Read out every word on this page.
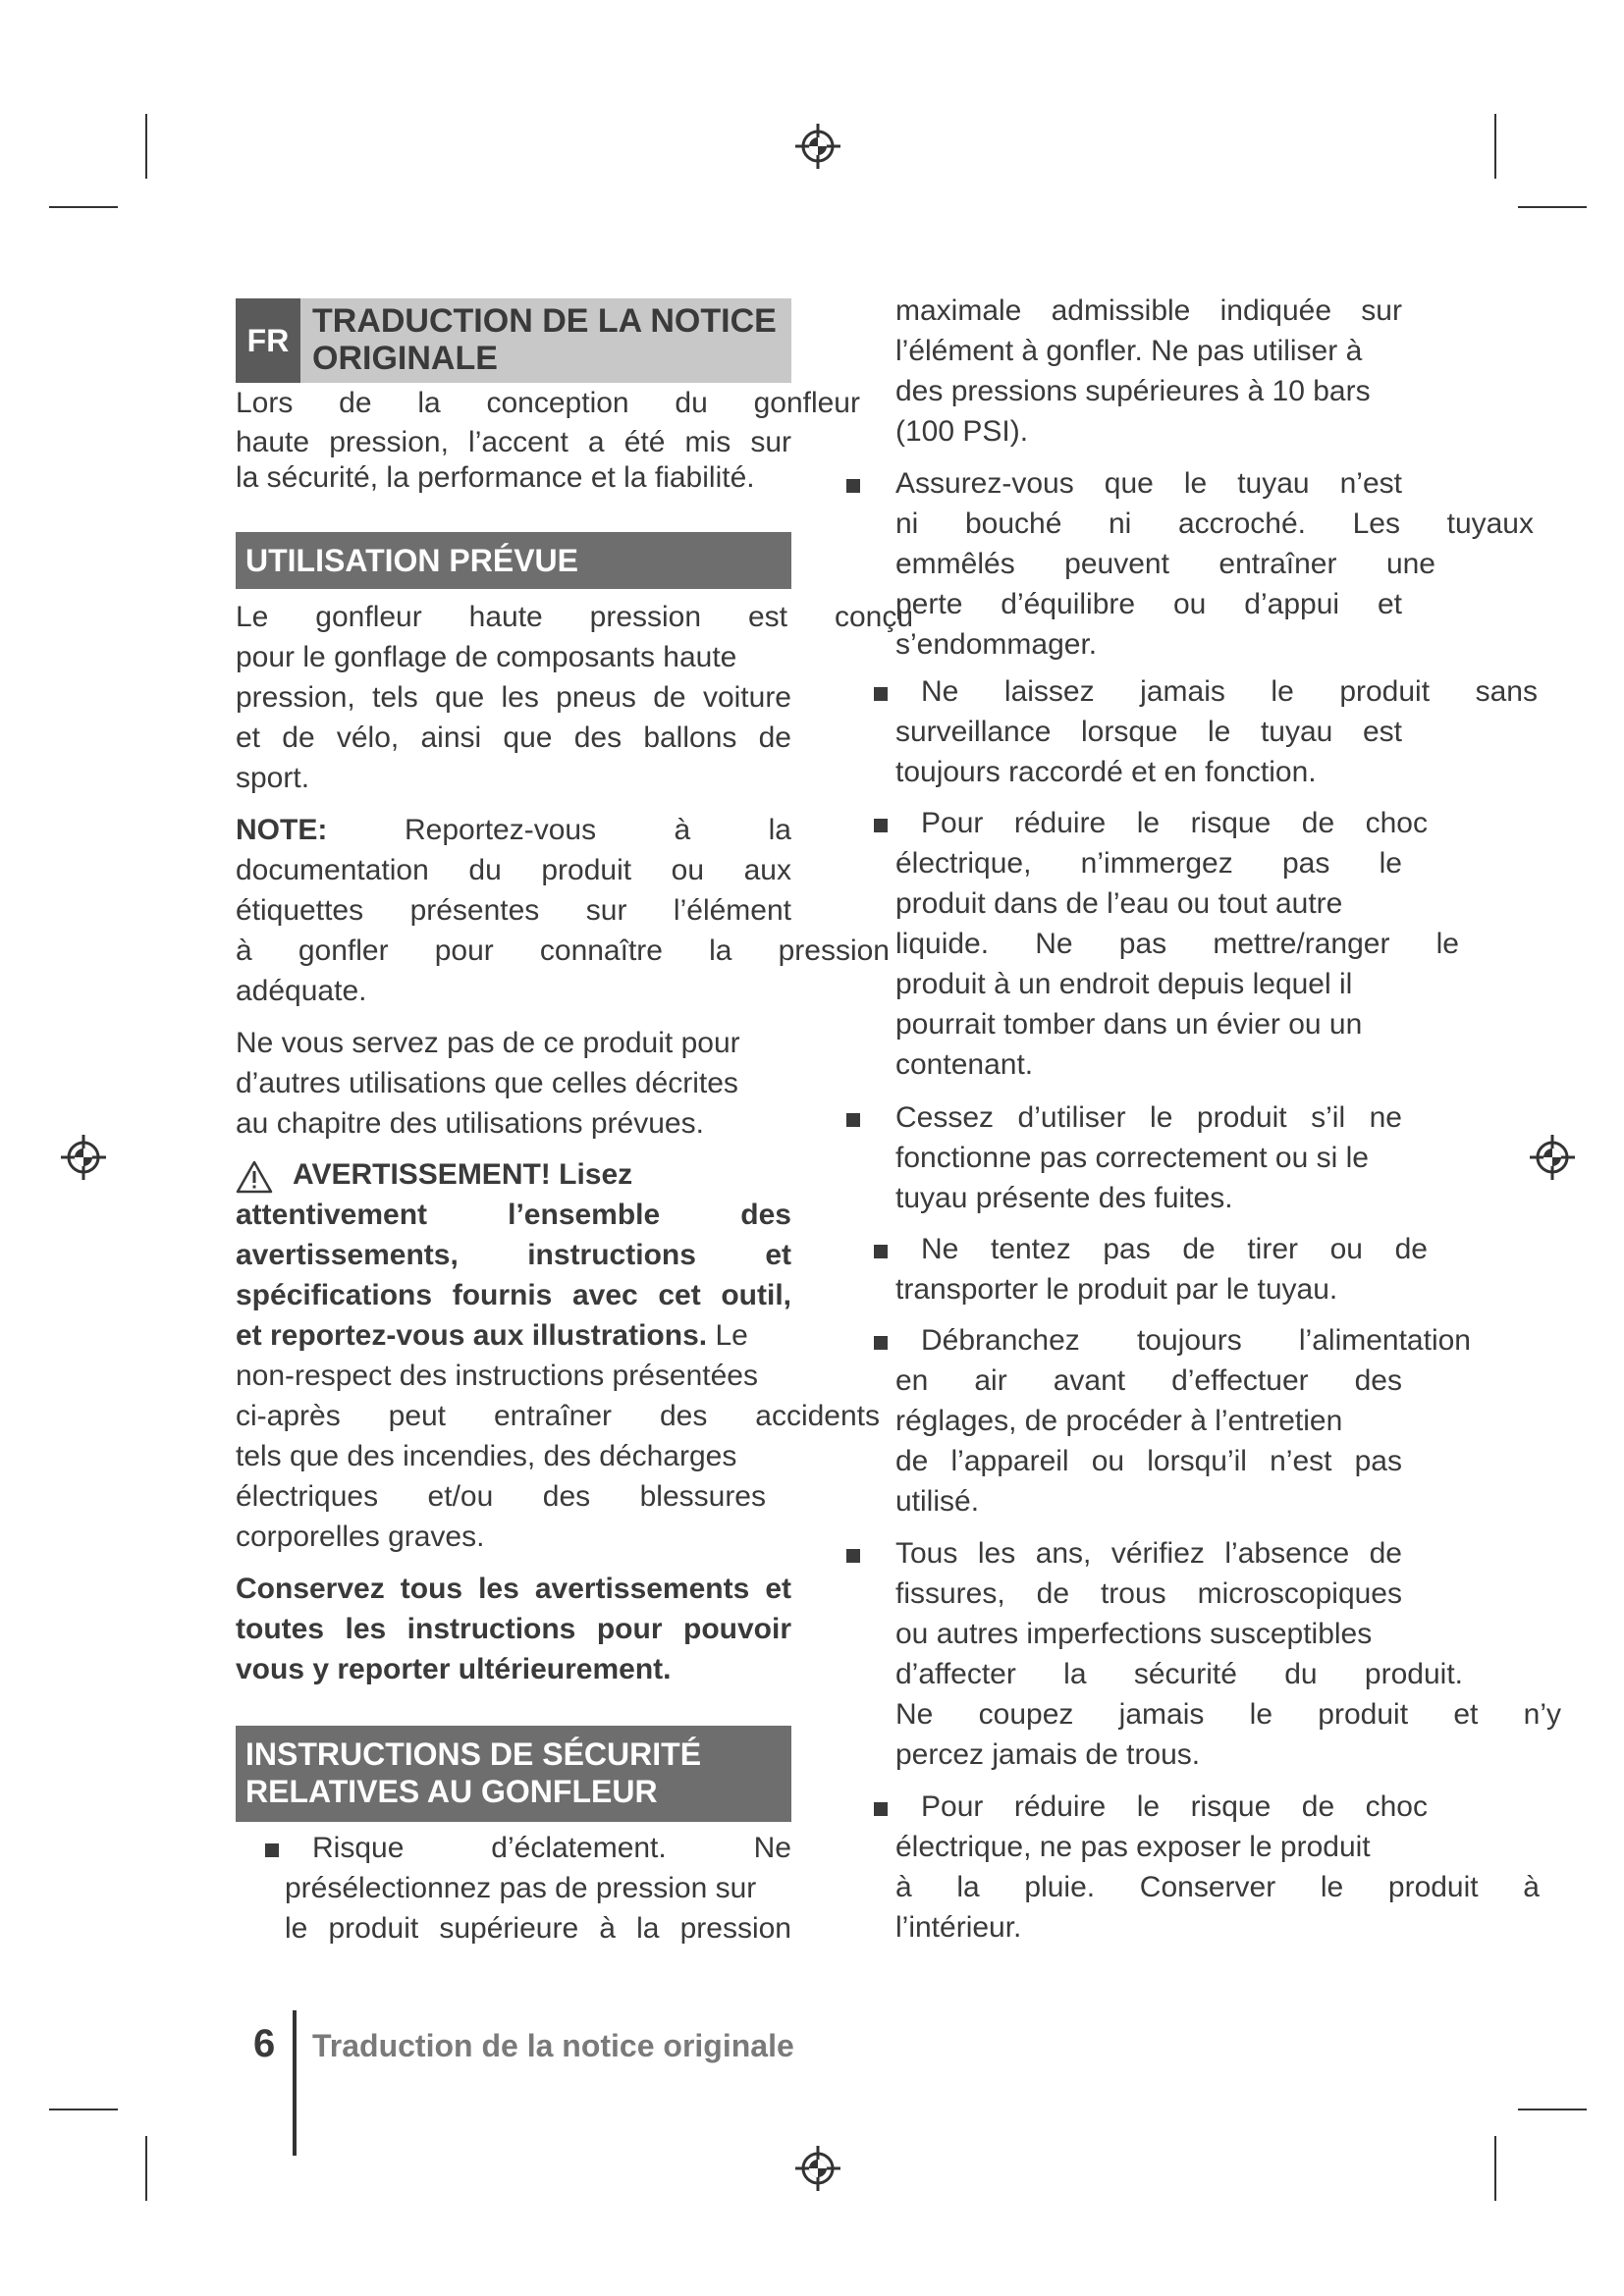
FR
TRADUCTION DE LA NOTICE
ORIGINALE
Lors de la conception du gonfleur
haute pression, l’accent a été mis sur
la sécurité, la performance et la fiabilité.
UTILISATION PRÉVUE
Le gonfleur haute pression est conçu
pour le gonflage de composants haute
pression, tels que les pneus de voiture
et de vélo, ainsi que des ballons de
sport.
NOTE:	Reportez-vous à la
documentation du produit ou aux
étiquettes présentes sur l’élément
à gonfler pour connaître la pression
adéquate.
Ne vous servez pas de ce produit pour
d’autres utilisations que celles décrites
au chapitre des utilisations prévues.
AVERTISSEMENT! Lisez
attentivement l’ensemble des
avertissements, instructions et
spécifications fournis avec cet outil,
et reportez-vous aux illustrations. Le
non-respect des instructions présentées
ci-après peut entraîner des accidents
tels que des incendies, des décharges
électriques et/ou des blessures
corporelles graves.
Conservez tous les avertissements et
toutes les instructions pour pouvoir
vous y reporter ultérieurement.
INSTRUCTIONS DE SÉCURITÉ
RELATIVES AU GONFLEUR
Risque d’éclatement. Ne
présélectionnez pas de pression sur
le produit supérieure à la pression
maximale admissible indiquée sur
l’élément à gonfler. Ne pas utiliser à
des pressions supérieures à 10 bars
(100 PSI).
Assurez-vous que le tuyau n’est
ni bouché ni accroché. Les tuyaux
emmêlés peuvent entraîner une
perte d’équilibre ou d’appui et
s’endommager.
Ne laissez jamais le produit sans
surveillance lorsque le tuyau est
toujours raccordé et en fonction.
Pour réduire le risque de choc
électrique, n’immergez pas le
produit dans de l’eau ou tout autre
liquide. Ne pas mettre/ranger le
produit à un endroit depuis lequel il
pourrait tomber dans un évier ou un
contenant.
Cessez d’utiliser le produit s’il ne
fonctionne pas correctement ou si le
tuyau présente des fuites.
Ne tentez pas de tirer ou de
transporter le produit par le tuyau.
Débranchez toujours l’alimentation
en air avant d’effectuer des
réglages, de procéder à l’entretien
de l’appareil ou lorsqu’il n’est pas
utilisé.
Tous les ans, vérifiez l’absence de
fissures, de trous microscopiques
ou autres imperfections susceptibles
d’affecter la sécurité du produit.
Ne coupez jamais le produit et n’y
percez jamais de trous.
Pour réduire le risque de choc
électrique, ne pas exposer le produit
à la pluie. Conserver le produit à
l’intérieur.
6 Traduction de la notice originale
